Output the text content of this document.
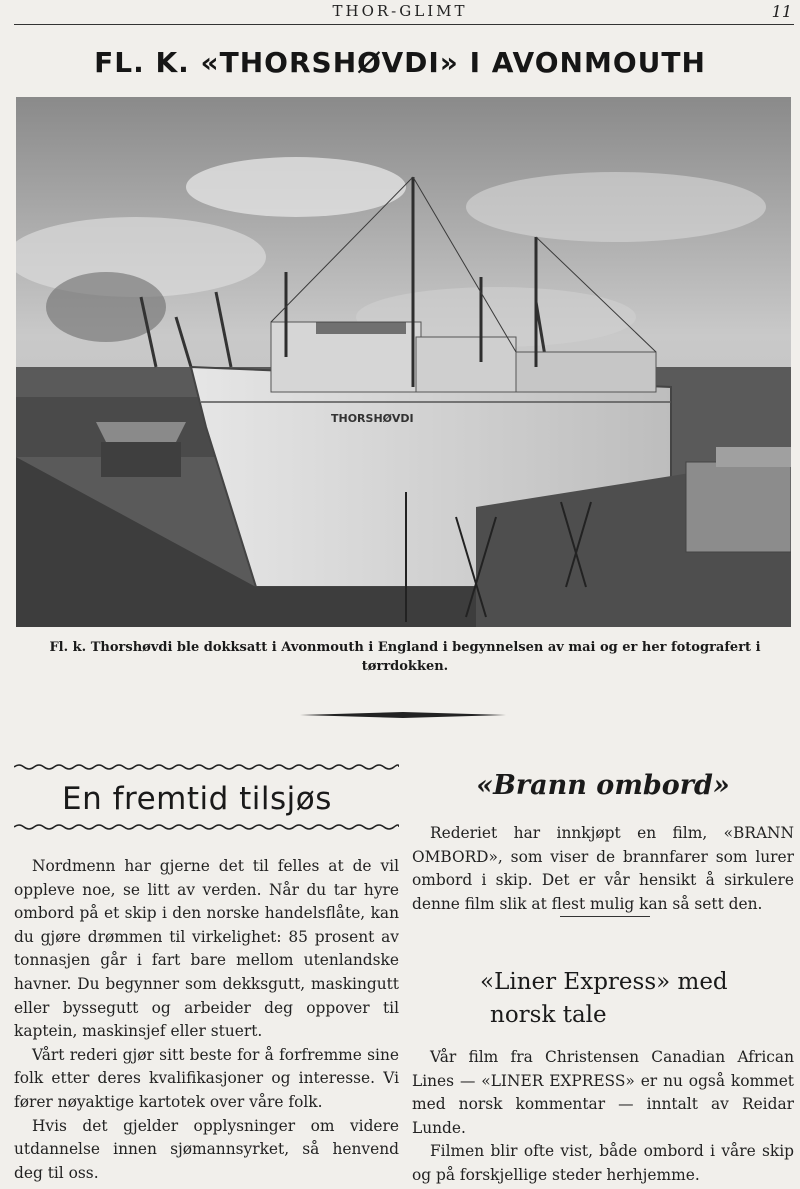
THOR-GLIMT	11
FL. K. «THORSHØVDI» I AVONMOUTH
THORSHØVDI
Fl. k. Thorshøvdi ble dokksatt i Avonmouth i England i begynnelsen av mai og er her fotografert i tørrdokken.
En fremtid tilsjøs

Nordmenn har gjerne det til felles at de vil oppleve noe, se litt av verden. Når du tar hyre ombord på et skip i den norske handelsflåte, kan du gjøre drømmen til virkelighet: 85 prosent av tonnasjen går i fart bare mellom utenlandske havner. Du begynner som dekksgutt, maskingutt eller byssegutt og arbeider deg oppover til kaptein, maskinsjef eller stuert.

Vårt rederi gjør sitt beste for å forfremme sine folk etter deres kvalifikasjoner og interesse. Vi fører nøyaktige kartotek over våre folk.

Hvis det gjelder opplysninger om videre utdannelse innen sjømannsyrket, så henvend deg til oss.

«Brann ombord»

Rederiet har innkjøpt en film, «BRANN OMBORD», som viser de brannfarer som lurer ombord i skip. Det er vår hensikt å sirkulere denne film slik at flest mulig kan så sett den.

«Liner Express» med
norsk tale

Vår film fra Christensen Canadian African Lines — «LINER EXPRESS» er nu også kommet med norsk kommentar — inntalt av Reidar Lunde.

Filmen blir ofte vist, både ombord i våre skip og på forskjellige steder herhjemme.
